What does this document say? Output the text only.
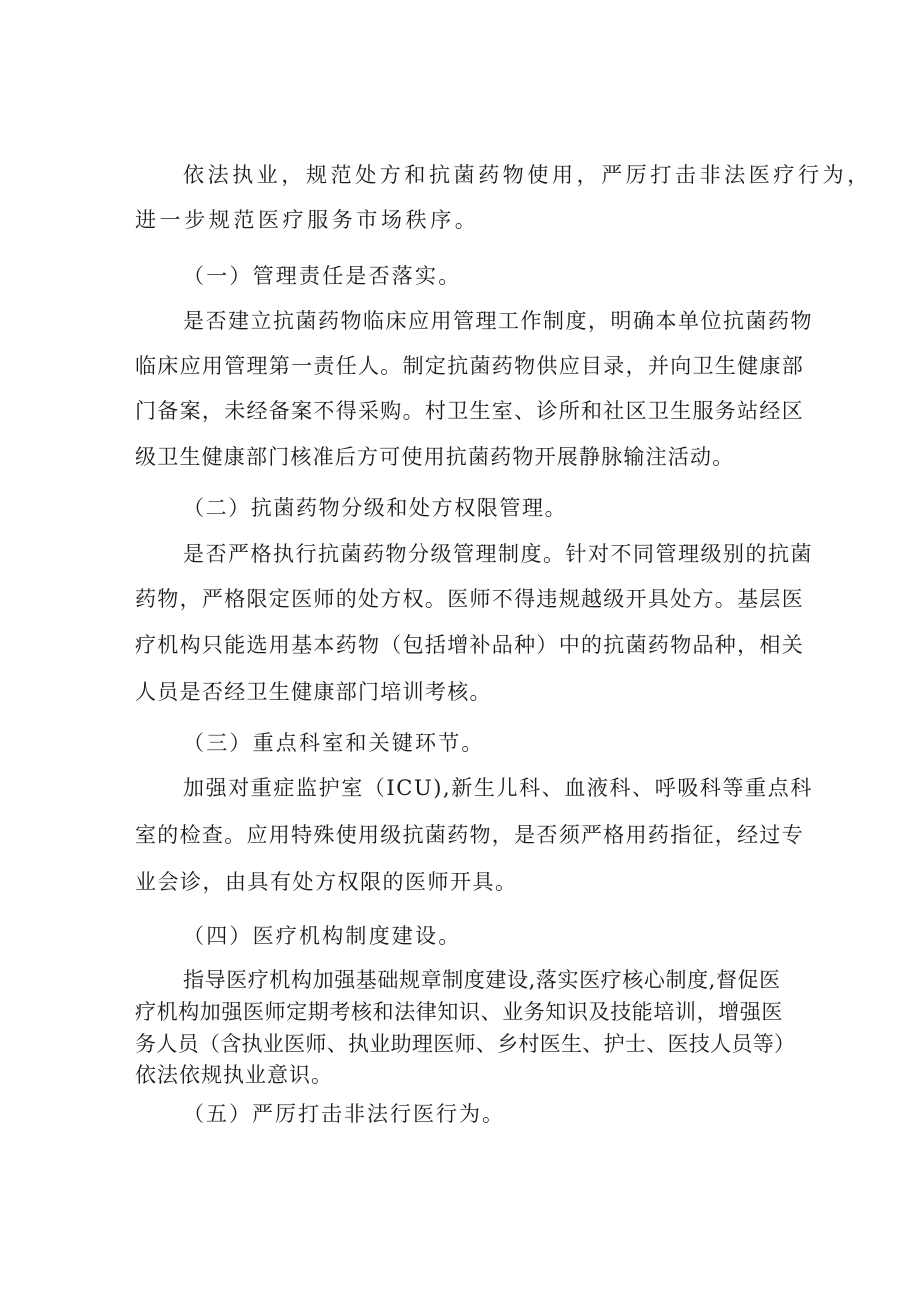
依法执业，规范处方和抗菌药物使用，严厉打击非法医疗行为，

进一步规范医疗服务市场秩序。

（一）管理责任是否落实。

是否建立抗菌药物临床应用管理工作制度，明确本单位抗菌药物

临床应用管理第一责任人。制定抗菌药物供应目录，并向卫生健康部

门备案，未经备案不得采购。村卫生室、诊所和社区卫生服务站经区

级卫生健康部门核准后方可使用抗菌药物开展静脉输注活动。

（二）抗菌药物分级和处方权限管理。

是否严格执行抗菌药物分级管理制度。针对不同管理级别的抗菌

药物，严格限定医师的处方权。医师不得违规越级开具处方。基层医

疗机构只能选用基本药物（包括增补品种）中的抗菌药物品种，相关

人员是否经卫生健康部门培训考核。

（三）重点科室和关键环节。

加强对重症监护室（ICU),新生儿科、血液科、呼吸科等重点科

室的检查。应用特殊使用级抗菌药物，是否须严格用药指征，经过专

业会诊，由具有处方权限的医师开具。

（四）医疗机构制度建设。

指导医疗机构加强基础规章制度建设,落实医疗核心制度,督促医

疗机构加强医师定期考核和法律知识、业务知识及技能培训，增强医

务人员（含执业医师、执业助理医师、乡村医生、护士、医技人员等）

依法依规执业意识。

（五）严厉打击非法行医行为。
